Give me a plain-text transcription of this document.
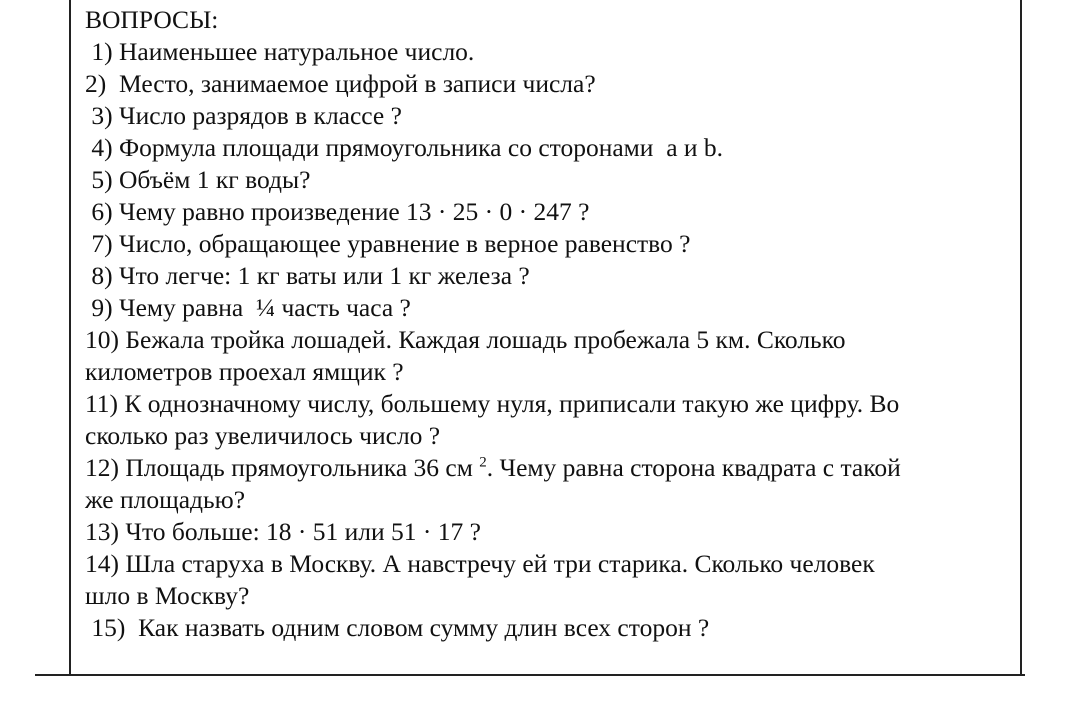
ВОПРОСЫ:
1) Наименьшее натуральное число.
2)  Место, занимаемое цифрой в записи числа?
3) Число разрядов в классе ?
4) Формула площади прямоугольника со сторонами  a и b.
5) Объём 1 кг воды?
6) Чему равно произведение 13 · 25 · 0 · 247 ?
7) Число, обращающее уравнение в верное равенство ?
8) Что легче: 1 кг ваты или 1 кг железа ?
9) Чему равна  ¼ часть часа ?
10) Бежала тройка лошадей. Каждая лошадь пробежала 5 км. Сколько
километров проехал ямщик ?
11) К однозначному числу, большему нуля, приписали такую же цифру. Во
сколько раз увеличилось число ?
12) Площадь прямоугольника 36 см $^2$. Чему равна сторона квадрата с такой
же площадью?
13) Что больше: 18 · 51 или 51 · 17 ?
14) Шла старуха в Москву. А навстречу ей три старика. Сколько человек
шло в Москву?
15)  Как назвать одним словом сумму длин всех сторон ?
